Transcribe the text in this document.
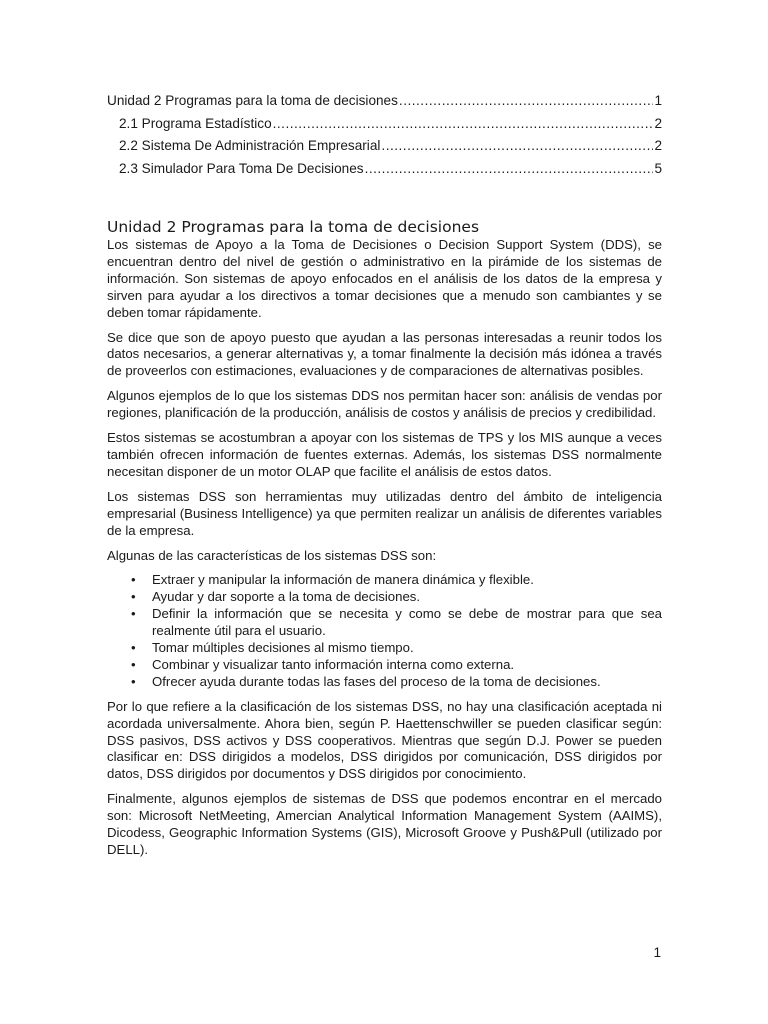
Unidad 2 Programas para la toma de decisiones .....	1
2.1 Programa Estadístico .....	2
2.2 Sistema De Administración Empresarial .....	2
2.3 Simulador Para Toma De Decisiones .....	5
Unidad 2 Programas para la toma de decisiones

Los sistemas de Apoyo a la Toma de Decisiones o Decision Support System (DDS), se encuentran dentro del nivel de gestión o administrativo en la pirámide de los sistemas de información. Son sistemas de apoyo enfocados en el análisis de los datos de la empresa y sirven para ayudar a los directivos a tomar decisiones que a menudo son cambiantes y se deben tomar rápidamente.

Se dice que son de apoyo puesto que ayudan a las personas interesadas a reunir todos los datos necesarios, a generar alternativas y, a tomar finalmente la decisión más idónea a través de proveerlos con estimaciones, evaluaciones y de comparaciones de alternativas posibles.

Algunos ejemplos de lo que los sistemas DDS nos permitan hacer son: análisis de vendas por regiones, planificación de la producción, análisis de costos y análisis de precios y credibilidad.

Estos sistemas se acostumbran a apoyar con los sistemas de TPS y los MIS aunque a veces también ofrecen información de fuentes externas. Además, los sistemas DSS normalmente necesitan disponer de un motor OLAP que facilite el análisis de estos datos.

Los sistemas DSS son herramientas muy utilizadas dentro del ámbito de inteligencia empresarial (Business Intelligence) ya que permiten realizar un análisis de diferentes variables de la empresa.

Algunas de las características de los sistemas DSS son:

• Extraer y manipular la información de manera dinámica y flexible.
• Ayudar y dar soporte a la toma de decisiones.
• Definir la información que se necesita y como se debe de mostrar para que sea realmente útil para el usuario.
• Tomar múltiples decisiones al mismo tiempo.
• Combinar y visualizar tanto información interna como externa.
• Ofrecer ayuda durante todas las fases del proceso de la toma de decisiones.

Por lo que refiere a la clasificación de los sistemas DSS, no hay una clasificación aceptada ni acordada universalmente. Ahora bien, según P. Haettenschwiller se pueden clasificar según: DSS pasivos, DSS activos y DSS cooperativos. Mientras que según D.J. Power se pueden clasificar en: DSS dirigidos a modelos, DSS dirigidos por comunicación, DSS dirigidos por datos, DSS dirigidos por documentos y DSS dirigidos por conocimiento.

Finalmente, algunos ejemplos de sistemas de DSS que podemos encontrar en el mercado son: Microsoft NetMeeting, Amercian Analytical Information Management System (AAIMS), Dicodess, Geographic Information Systems (GIS), Microsoft Groove y Push&Pull (utilizado por DELL).

1
